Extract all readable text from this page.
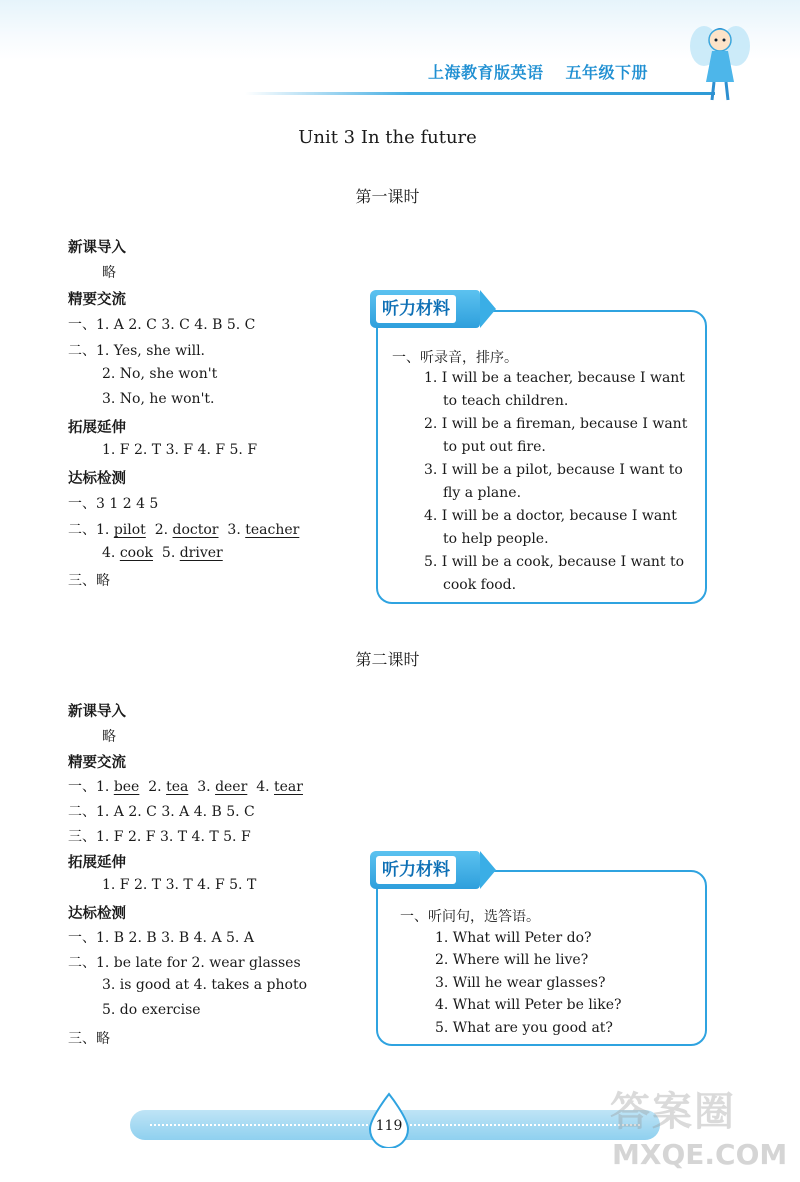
上海教育版英语 五年级下册
Unit 3 In the future
第一课时
新课导入
略
精要交流
一、1. A 2. C 3. C 4. B 5. C
二、1. Yes, she will.
2. No, she won't
3. No, he won't.
拓展延伸
1. F 2. T 3. F 4. F 5. F
达标检测
一、3 1 2 4 5
二、1. pilot 2. doctor 3. teacher
4. cook 5. driver
三、略
听力材料
一、听录音，排序。
1. I will be a teacher, because I want
to teach children.
2. I will be a fireman, because I want
to put out fire.
3. I will be a pilot, because I want to
fly a plane.
4. I will be a doctor, because I want
to help people.
5. I will be a cook, because I want to
cook food.
第二课时
新课导入
略
精要交流
一、1. bee 2. tea 3. deer 4. tear
二、1. A 2. C 3. A 4. B 5. C
三、1. F 2. F 3. T 4. T 5. F
拓展延伸
1. F 2. T 3. T 4. F 5. T
达标检测
一、1. B 2. B 3. B 4. A 5. A
二、1. be late for 2. wear glasses
3. is good at 4. takes a photo
5. do exercise
三、略
听力材料
一、听问句，选答语。
1. What will Peter do?
2. Where will he live?
3. Will he wear glasses?
4. What will Peter be like?
5. What are you good at?
119	答案圈
MXQE.COM
